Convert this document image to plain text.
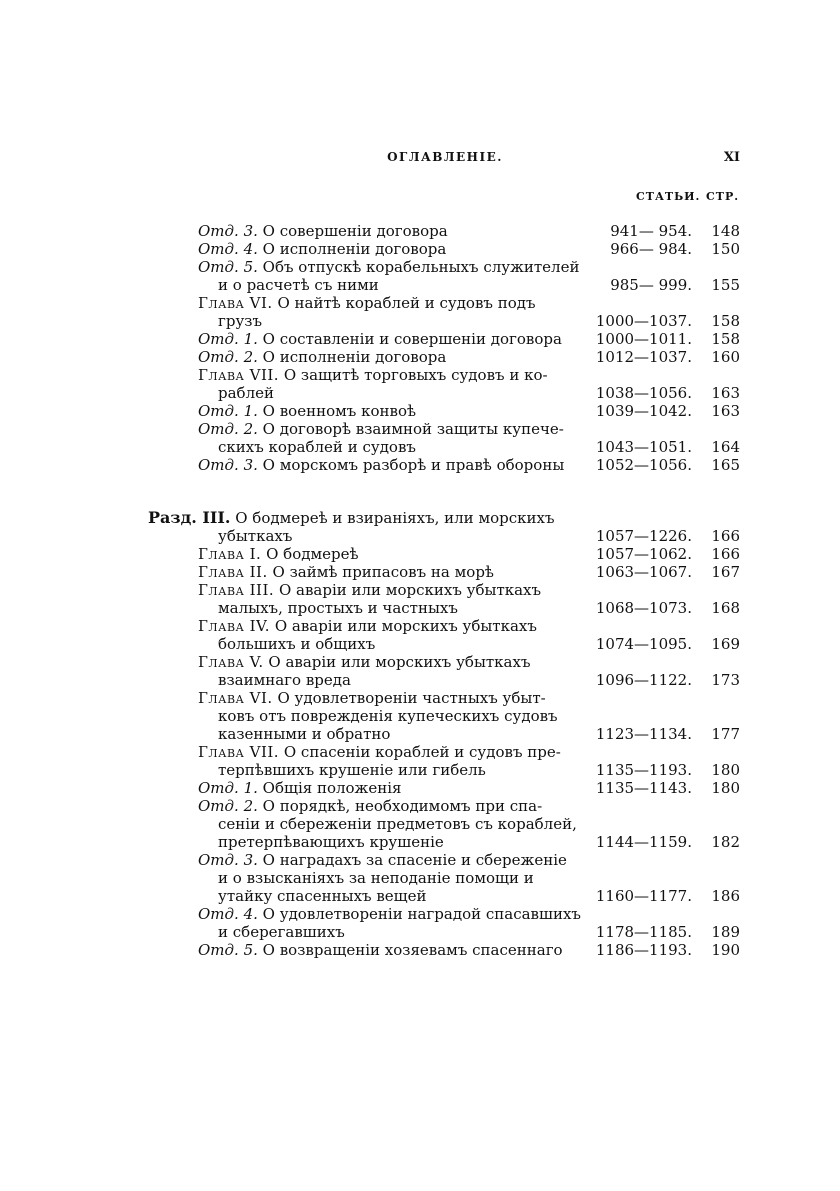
ОГЛАВЛЕНІЕ.	XI
СТАТЬИ. СТР.
Отд. 3. О совершеніи договора	941— 954.	148
Отд. 4. О исполненіи договора	966— 984.	150
Отд. 5. Объ отпускѣ корабельныхъ служителей
и о расчетѣ съ ними	985— 999.	155
Глава VI. О найтѣ кораблей и судовъ подъ
грузъ	1000—1037.	158
Отд. 1. О составленіи и совершеніи договора	1000—1011.	158
Отд. 2. О исполненіи договора	1012—1037.	160
Глава VII. О защитѣ торговыхъ судовъ и ко-
раблей	1038—1056.	163
Отд. 1. О военномъ конвоѣ	1039—1042.	163
Отд. 2. О договорѣ взаимной защиты купече-
скихъ кораблей и судовъ	1043—1051.	164
Отд. 3. О морскомъ разборѣ и правѣ обороны	1052—1056.	165
Разд. III. О бодмереѣ и взиранiяхъ, или морскихъ
убыткахъ	1057—1226.	166
Глава I. О бодмереѣ	1057—1062.	166
Глава II. О займѣ припасовъ на морѣ	1063—1067.	167
Глава III. О аваріи или морскихъ убыткахъ
малыхъ, простыхъ и частныхъ	1068—1073.	168
Глава IV. О аваріи или морскихъ убыткахъ
большихъ и общихъ	1074—1095.	169
Глава V. О аваріи или морскихъ убыткахъ
взаимнаго вреда	1096—1122.	173
Глава VI. О удовлетвореніи частныхъ убыт-
ковъ отъ поврежденія купеческихъ судовъ
казенными и обратно	1123—1134.	177
Глава VII. О спасеніи кораблей и судовъ пре-
терпѣвшихъ крушеніе или гибель	1135—1193.	180
Отд. 1. Общія положенія	1135—1143.	180
Отд. 2. О порядкѣ, необходимомъ при спа-
сеніи и сбереженіи предметовъ съ кораблей,
претерпѣвающихъ крушеніе	1144—1159.	182
Отд. 3. О наградахъ за спасеніе и сбереженіе
и о взысканіяхъ за неподаніе помощи и
утайку спасенныхъ вещей	1160—1177.	186
Отд. 4. О удовлетвореніи наградой спасавшихъ
и сберегавшихъ	1178—1185.	189
Отд. 5. О возвращеніи хозяевамъ спасеннаго	1186—1193.	190
